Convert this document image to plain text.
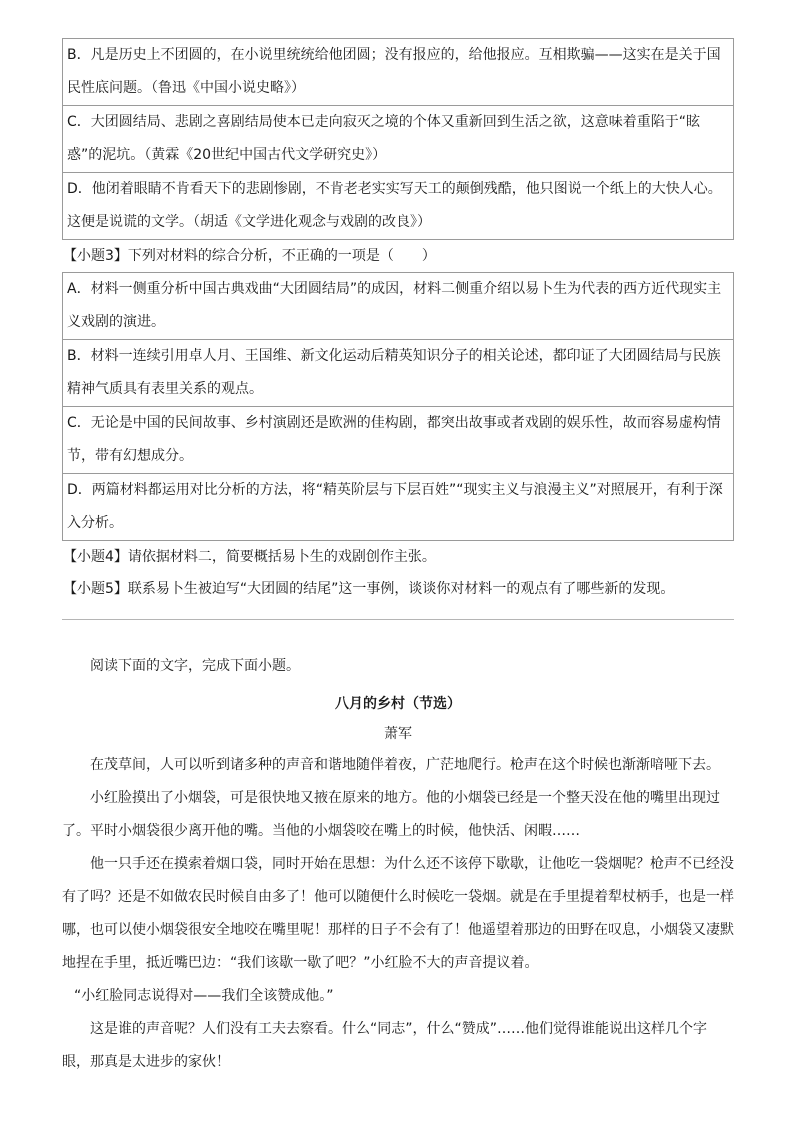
B．凡是历史上不团圆的，在小说里统统给他团圆；没有报应的，给他报应。互相欺骗——这实在是关于国民性底问题。（鲁迅《中国小说史略》）
C．大团圆结局、悲剧之喜剧结局使本已走向寂灭之境的个体又重新回到生活之欲，这意味着重陷于“眩惑”的泥坑。（黄霖《20世纪中国古代文学研究史》）
D．他闭着眼睛不肯看天下的悲剧惨剧，不肯老老实实写天工的颠倒残酷，他只图说一个纸上的大快人心。这便是说谎的文学。（胡适《文学进化观念与戏剧的改良》）
【小题3】下列对材料的综合分析，不正确的一项是（　　）
A．材料一侧重分析中国古典戏曲“大团圆结局”的成因，材料二侧重介绍以易卜生为代表的西方近代现实主义戏剧的演进。
B．材料一连续引用卓人月、王国维、新文化运动后精英知识分子的相关论述，都印证了大团圆结局与民族精神气质具有表里关系的观点。
C．无论是中国的民间故事、乡村演剧还是欧洲的佳构剧，都突出故事或者戏剧的娱乐性，故而容易虚构情节，带有幻想成分。
D．两篇材料都运用对比分析的方法，将“精英阶层与下层百姓”“现实主义与浪漫主义”对照展开，有利于深入分析。
【小题4】请依据材料二，简要概括易卜生的戏剧创作主张。
【小题5】联系易卜生被迫写“大团圆的结尾”这一事例，谈谈你对材料一的观点有了哪些新的发现。

阅读下面的文字，完成下面小题。

八月的乡村（节选）
萧军

在茂草间，人可以听到诸多种的声音和谐地随伴着夜，广茫地爬行。枪声在这个时候也渐渐喑哑下去。

小红脸摸出了小烟袋，可是很快地又掖在原来的地方。他的小烟袋已经是一个整天没在他的嘴里出现过了。平时小烟袋很少离开他的嘴。当他的小烟袋咬在嘴上的时候，他快活、闲暇……

他一只手还在摸索着烟口袋，同时开始在思想：为什么还不该停下歇歇，让他吃一袋烟呢？枪声不已经没有了吗？还是不如做农民时候自由多了！他可以随便什么时候吃一袋烟。就是在手里提着犁杖柄手，也是一样哪，也可以使小烟袋很安全地咬在嘴里呢！那样的日子不会有了！他遥望着那边的田野在叹息，小烟袋又凄默地捏在手里，抵近嘴巴边：“我们该歇一歇了吧？”小红脸不大的声音提议着。

“小红脸同志说得对——我们全该赞成他。”

这是谁的声音呢？人们没有工夫去察看。什么“同志”，什么“赞成”……他们觉得谁能说出这样几个字眼，那真是太进步的家伙！
